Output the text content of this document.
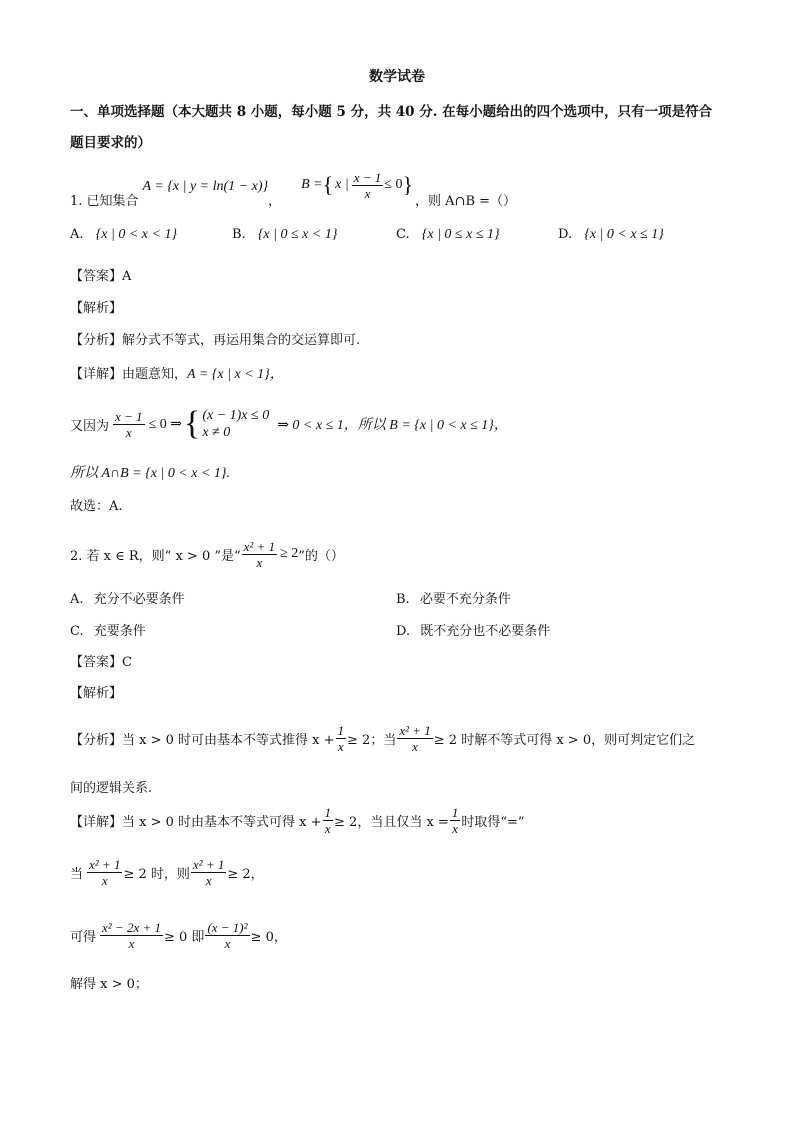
数学试卷
一、单项选择题（本大题共 8 小题，每小题 5 分，共 40 分. 在每小题给出的四个选项中，只有一项是符合
题目要求的）
1. 已知集合
A = {x | y = ln(1 − x)}
，
B = { x | $\frac{x - 1}{x} \le 0$ }
，则 A∩B =（）
A. {x | 0 < x < 1}	B. {x | 0 ≤ x < 1}	C. {x | 0 ≤ x ≤ 1}	D. {x | 0 < x ≤ 1}
【答案】A
【解析】
【分析】解分式不等式，再运用集合的交运算即可.
【详解】由题意知，A = {x | x < 1}，
又因为 $\frac{x - 1}{x} \le 0$ ⇒ { (x − 1)x ≤ 0
x ≠ 0	⇒ 0 < x ≤ 1，所以 B = {x | 0 < x ≤ 1}，
所以 A∩B = {x | 0 < x < 1}.
故选：A.
2. 若 x ∈ R，则“ x > 0 ”是“ $\frac{\text{x² + 1}}{x} \ge 2$ ”的（）
A. 充分不必要条件	B. 必要不充分条件
C. 充要条件	D. 既不充分也不必要条件
【答案】C
【解析】
【分析】 当 x > 0 时可由基本不等式推得 $x + \frac{1}{x} \ge 2$；当 $\frac{\text{x² + 1}}{x} \ge 2$ 时解不等式可得 x > 0，则可判定它们之
间的逻辑关系.
【详解】 当 x > 0 时由基本不等式可得 $x + \frac{1}{x} \ge 2$，当且仅当 $x = \frac{1}{x}$ 时取得“=”
当 $\frac{\text{x² + 1}}{x} \ge 2$ 时，则 $\frac{\text{x² + 1}}{x} \ge 2$，
可得 $\frac{\text{x² − 2x + 1}}{x} \ge 0$ 即 $\frac{\text{(x − 1)²}}{x} \ge 0$，
解得 x > 0；
